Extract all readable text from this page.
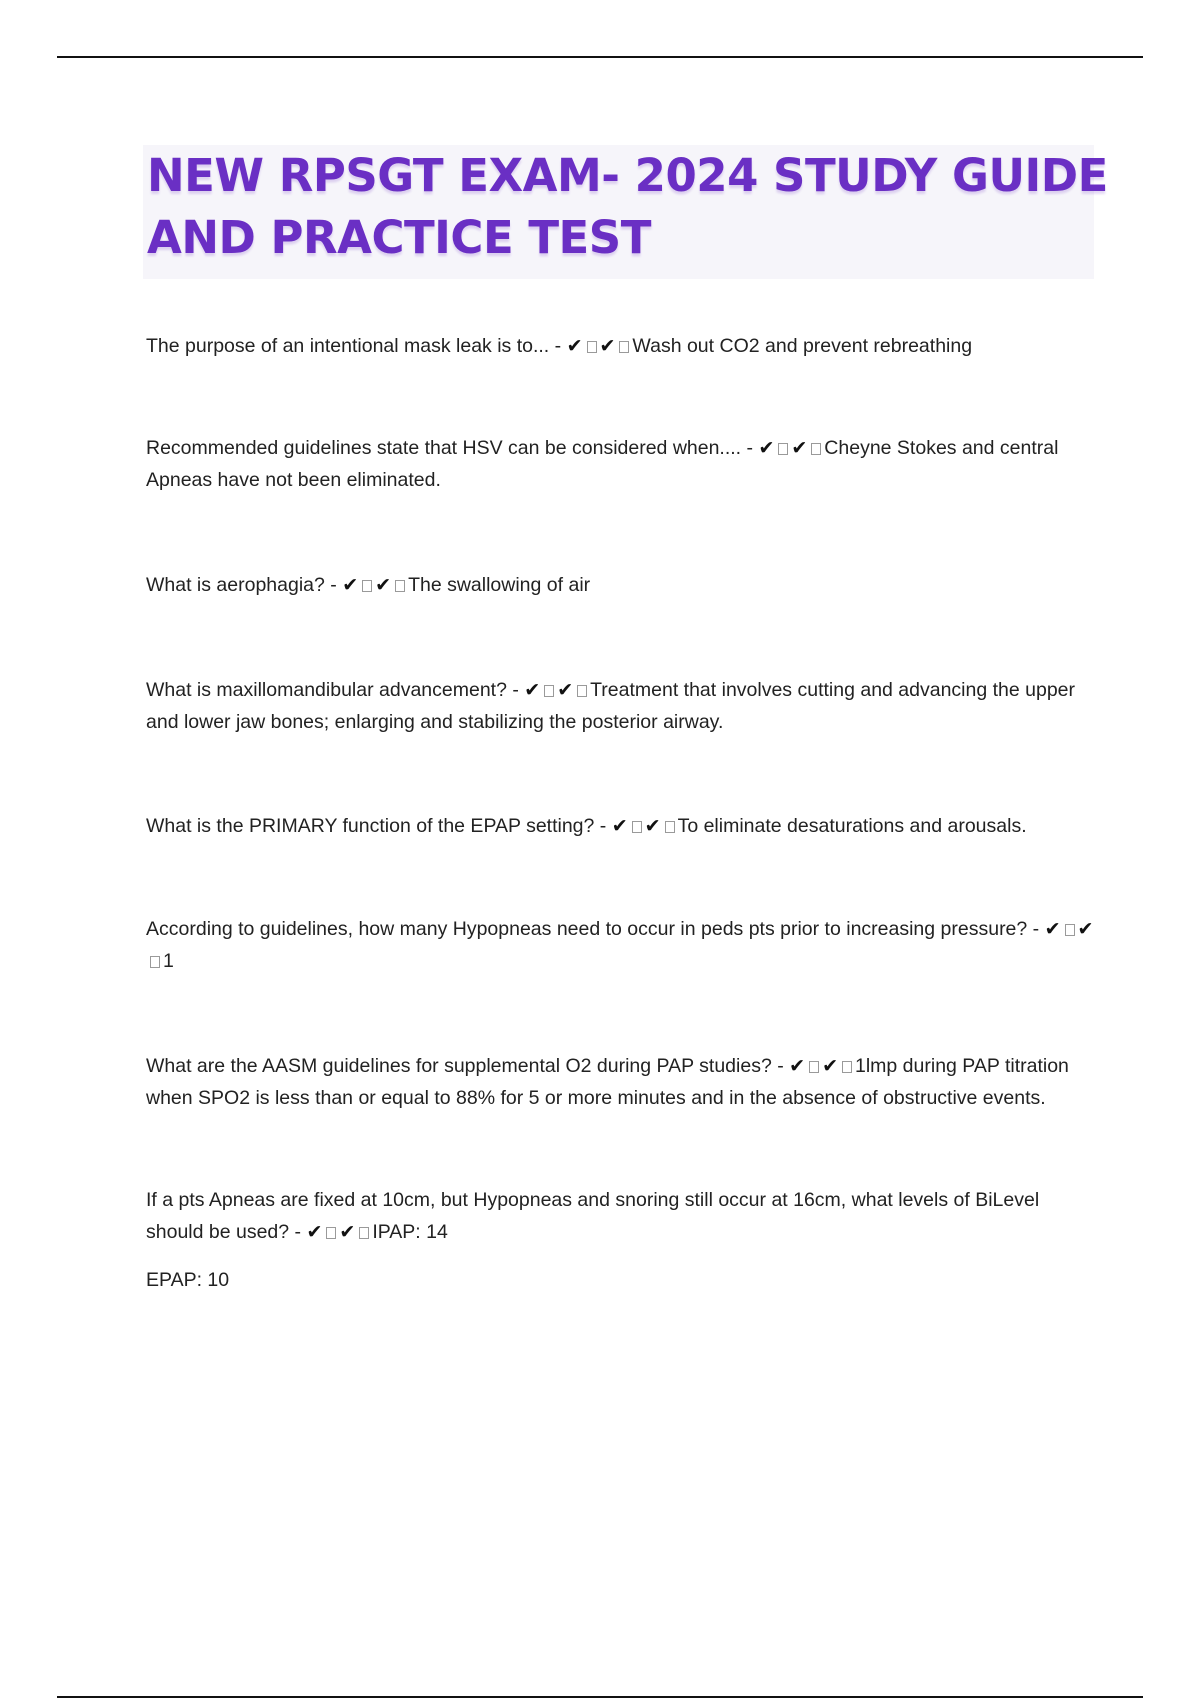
NEW RPSGT EXAM- 2024 STUDY GUIDE
AND PRACTICE TEST

The purpose of an intentional mask leak is to... - ✔ ✔ Wash out CO2 and prevent rebreathing

Recommended guidelines state that HSV can be considered when.... - ✔ ✔ Cheyne Stokes and central Apneas have not been eliminated.

What is aerophagia? - ✔ ✔ The swallowing of air

What is maxillomandibular advancement? - ✔ ✔ Treatment that involves cutting and advancing the upper and lower jaw bones; enlarging and stabilizing the posterior airway.

What is the PRIMARY function of the EPAP setting? - ✔ ✔ To eliminate desaturations and arousals.

According to guidelines, how many Hypopneas need to occur in peds pts prior to increasing pressure? - ✔ ✔1

What are the AASM guidelines for supplemental O2 during PAP studies? - ✔ ✔ 1lmp during PAP titration when SPO2 is less than or equal to 88% for 5 or more minutes and in the absence of obstructive events.

If a pts Apneas are fixed at 10cm, but Hypopneas and snoring still occur at 16cm, what levels of BiLevel should be used? - ✔ ✔ IPAP: 14

EPAP: 10
